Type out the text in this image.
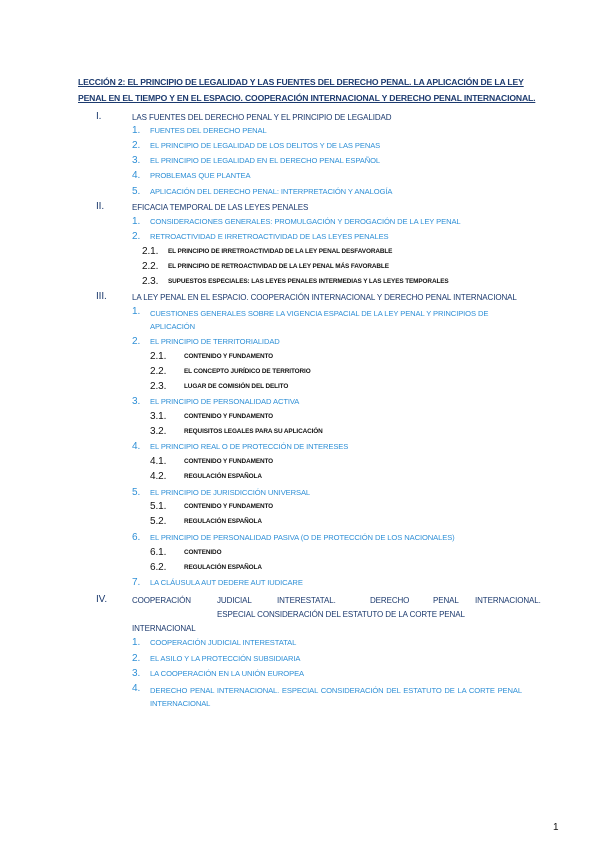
LECCIÓN 2: EL PRINCIPIO DE LEGALIDAD Y LAS FUENTES DEL DERECHO PENAL. LA APLICACIÓN DE LA LEY PENAL EN EL TIEMPO Y EN EL ESPACIO. COOPERACIÓN INTERNACIONAL Y DERECHO PENAL INTERNACIONAL.
I.	LAS FUENTES DEL DERECHO PENAL Y EL PRINCIPIO DE LEGALIDAD
1. FUENTES DEL DERECHO PENAL
2. EL PRINCIPIO DE LEGALIDAD DE LOS DELITOS Y DE LAS PENAS
3. EL PRINCIPIO DE LEGALIDAD EN EL DERECHO PENAL ESPAÑOL
4. PROBLEMAS QUE PLANTEA
5. APLICACIÓN DEL DERECHO PENAL: INTERPRETACIÓN Y ANALOGÍA
II.	EFICACIA TEMPORAL DE LAS LEYES PENALES
1. CONSIDERACIONES GENERALES: PROMULGACIÓN Y DEROGACIÓN DE LA LEY PENAL
2. RETROACTIVIDAD E IRRETROACTIVIDAD DE LAS LEYES PENALES
2.1. EL PRINCIPIO DE IRRETROACTIVIDAD DE LA LEY PENAL DESFAVORABLE
2.2. EL PRINCIPIO DE RETROACTIVIDAD DE LA LEY PENAL MÁS FAVORABLE
2.3. SUPUESTOS ESPECIALES: LAS LEYES PENALES INTERMEDIAS Y LAS LEYES TEMPORALES
III.	LA LEY PENAL EN EL ESPACIO. COOPERACIÓN INTERNACIONAL Y DERECHO PENAL INTERNACIONAL
1. CUESTIONES GENERALES SOBRE LA VIGENCIA ESPACIAL DE LA LEY PENAL Y PRINCIPIOS DE APLICACIÓN
2. EL PRINCIPIO DE TERRITORIALIDAD
2.1.	CONTENIDO Y FUNDAMENTO
2.2.	EL CONCEPTO JURÍDICO DE TERRITORIO
2.3.	LUGAR DE COMISIÓN DEL DELITO
3. EL PRINCIPIO DE PERSONALIDAD ACTIVA
3.1.	CONTENIDO Y FUNDAMENTO
3.2.	REQUISITOS LEGALES PARA SU APLICACIÓN
4. EL PRINCIPIO REAL O DE PROTECCIÓN DE INTERESES
4.1.	CONTENIDO Y FUNDAMENTO
4.2.	REGULACIÓN ESPAÑOLA
5. EL PRINCIPIO DE JURISDICCIÓN UNIVERSAL
5.1.	CONTENIDO Y FUNDAMENTO
5.2.	REGULACIÓN ESPAÑOLA
6. EL PRINCIPIO DE PERSONALIDAD PASIVA (O DE PROTECCIÓN DE LOS NACIONALES)
6.1.	CONTENIDO
6.2.	REGULACIÓN ESPAÑOLA
7. LA CLÁUSULA AUT DEDERE AUT IUDICARE
IV.	COOPERACIÓN	JUDICIAL	INTERESTATAL.	DERECHO	PENAL INTERNACIONAL.
ESPECIAL CONSIDERACIÓN DEL ESTATUTO DE LA CORTE PENAL
INTERNACIONAL
1. COOPERACIÓN JUDICIAL INTERESTATAL
2. EL ASILO Y LA PROTECCIÓN SUBSIDIARIA
3. LA COOPERACIÓN EN LA UNIÓN EUROPEA
4. DERECHO PENAL INTERNACIONAL. ESPECIAL CONSIDERACIÓN DEL ESTATUTO DE LA CORTE PENAL INTERNACIONAL
1
